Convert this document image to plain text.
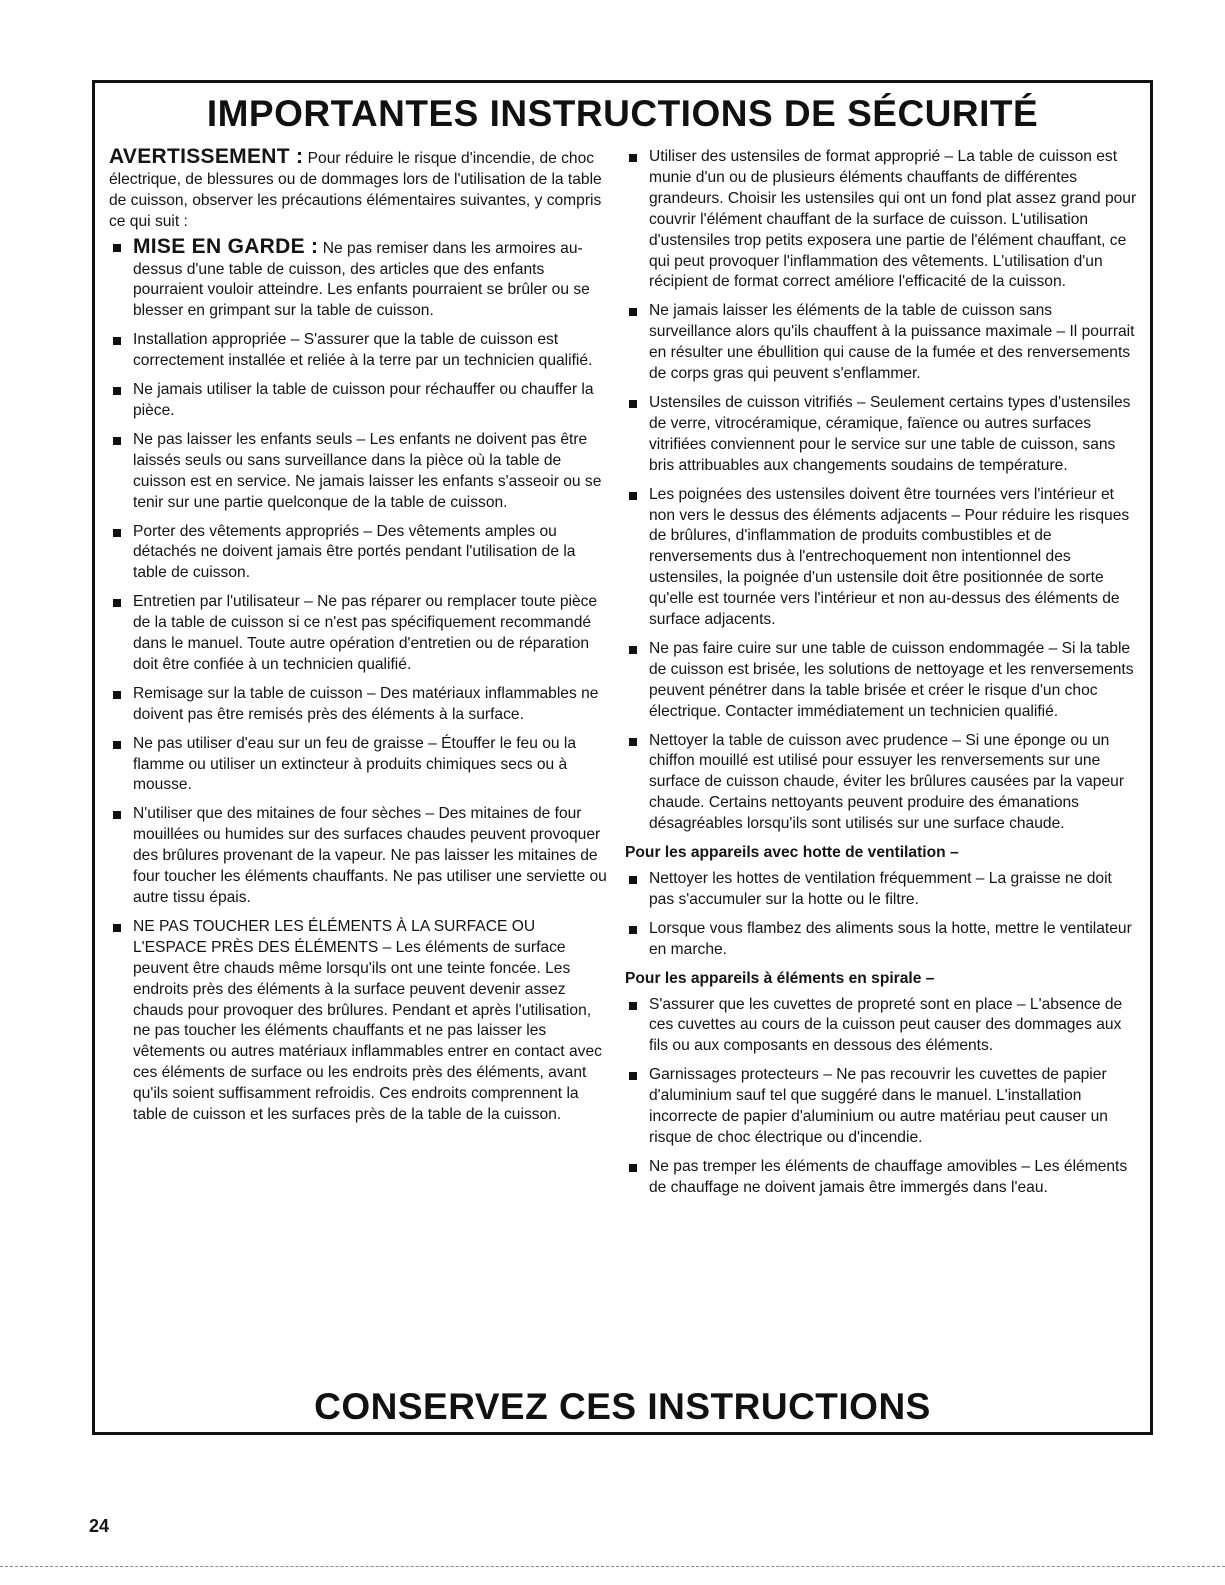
IMPORTANTES INSTRUCTIONS DE SÉCURITÉ

AVERTISSEMENT : Pour réduire le risque d'incendie, de choc électrique, de blessures ou de dommages lors de l'utilisation de la table de cuisson, observer les précautions élémentaires suivantes, y compris ce qui suit :

MISE EN GARDE : Ne pas remiser dans les armoires au-dessus d'une table de cuisson, des articles que des enfants pourraient vouloir atteindre. Les enfants pourraient se brûler ou se blesser en grimpant sur la table de cuisson.
Installation appropriée – S'assurer que la table de cuisson est correctement installée et reliée à la terre par un technicien qualifié.
Ne jamais utiliser la table de cuisson pour réchauffer ou chauffer la pièce.
Ne pas laisser les enfants seuls – Les enfants ne doivent pas être laissés seuls ou sans surveillance dans la pièce où la table de cuisson est en service. Ne jamais laisser les enfants s'asseoir ou se tenir sur une partie quelconque de la table de cuisson.
Porter des vêtements appropriés – Des vêtements amples ou détachés ne doivent jamais être portés pendant l'utilisation de la table de cuisson.
Entretien par l'utilisateur – Ne pas réparer ou remplacer toute pièce de la table de cuisson si ce n'est pas spécifiquement recommandé dans le manuel. Toute autre opération d'entretien ou de réparation doit être confiée à un technicien qualifié.
Remisage sur la table de cuisson – Des matériaux inflammables ne doivent pas être remisés près des éléments à la surface.
Ne pas utiliser d'eau sur un feu de graisse – Étouffer le feu ou la flamme ou utiliser un extincteur à produits chimiques secs ou à mousse.
N'utiliser que des mitaines de four sèches – Des mitaines de four mouillées ou humides sur des surfaces chaudes peuvent provoquer des brûlures provenant de la vapeur. Ne pas laisser les mitaines de four toucher les éléments chauffants. Ne pas utiliser une serviette ou autre tissu épais.
NE PAS TOUCHER LES ÉLÉMENTS À LA SURFACE OU L'ESPACE PRÈS DES ÉLÉMENTS – Les éléments de surface peuvent être chauds même lorsqu'ils ont une teinte foncée. Les endroits près des éléments à la surface peuvent devenir assez chauds pour provoquer des brûlures. Pendant et après l'utilisation, ne pas toucher les éléments chauffants et ne pas laisser les vêtements ou autres matériaux inflammables entrer en contact avec ces éléments de surface ou les endroits près des éléments, avant qu'ils soient suffisamment refroidis. Ces endroits comprennent la table de cuisson et les surfaces près de la table de la cuisson.
Utiliser des ustensiles de format approprié – La table de cuisson est munie d'un ou de plusieurs éléments chauffants de différentes grandeurs. Choisir les ustensiles qui ont un fond plat assez grand pour couvrir l'élément chauffant de la surface de cuisson. L'utilisation d'ustensiles trop petits exposera une partie de l'élément chauffant, ce qui peut provoquer l'inflammation des vêtements. L'utilisation d'un récipient de format correct améliore l'efficacité de la cuisson.
Ne jamais laisser les éléments de la table de cuisson sans surveillance alors qu'ils chauffent à la puissance maximale – Il pourrait en résulter une ébullition qui cause de la fumée et des renversements de corps gras qui peuvent s'enflammer.
Ustensiles de cuisson vitrifiés – Seulement certains types d'ustensiles de verre, vitrocéramique, céramique, faïence ou autres surfaces vitrifiées conviennent pour le service sur une table de cuisson, sans bris attribuables aux changements soudains de température.
Les poignées des ustensiles doivent être tournées vers l'intérieur et non vers le dessus des éléments adjacents – Pour réduire les risques de brûlures, d'inflammation de produits combustibles et de renversements dus à l'entrechoquement non intentionnel des ustensiles, la poignée d'un ustensile doit être positionnée de sorte qu'elle est tournée vers l'intérieur et non au-dessus des éléments de surface adjacents.
Ne pas faire cuire sur une table de cuisson endommagée – Si la table de cuisson est brisée, les solutions de nettoyage et les renversements peuvent pénétrer dans la table brisée et créer le risque d'un choc électrique. Contacter immédiatement un technicien qualifié.
Nettoyer la table de cuisson avec prudence – Si une éponge ou un chiffon mouillé est utilisé pour essuyer les renversements sur une surface de cuisson chaude, éviter les brûlures causées par la vapeur chaude. Certains nettoyants peuvent produire des émanations désagréables lorsqu'ils sont utilisés sur une surface chaude.

Pour les appareils avec hotte de ventilation –

Nettoyer les hottes de ventilation fréquemment – La graisse ne doit pas s'accumuler sur la hotte ou le filtre.
Lorsque vous flambez des aliments sous la hotte, mettre le ventilateur en marche.

Pour les appareils à éléments en spirale –

S'assurer que les cuvettes de propreté sont en place – L'absence de ces cuvettes au cours de la cuisson peut causer des dommages aux fils ou aux composants en dessous des éléments.
Garnissages protecteurs – Ne pas recouvrir les cuvettes de papier d'aluminium sauf tel que suggéré dans le manuel. L'installation incorrecte de papier d'aluminium ou autre matériau peut causer un risque de choc électrique ou d'incendie.
Ne pas tremper les éléments de chauffage amovibles – Les éléments de chauffage ne doivent jamais être immergés dans l'eau.
CONSERVEZ CES INSTRUCTIONS
24
